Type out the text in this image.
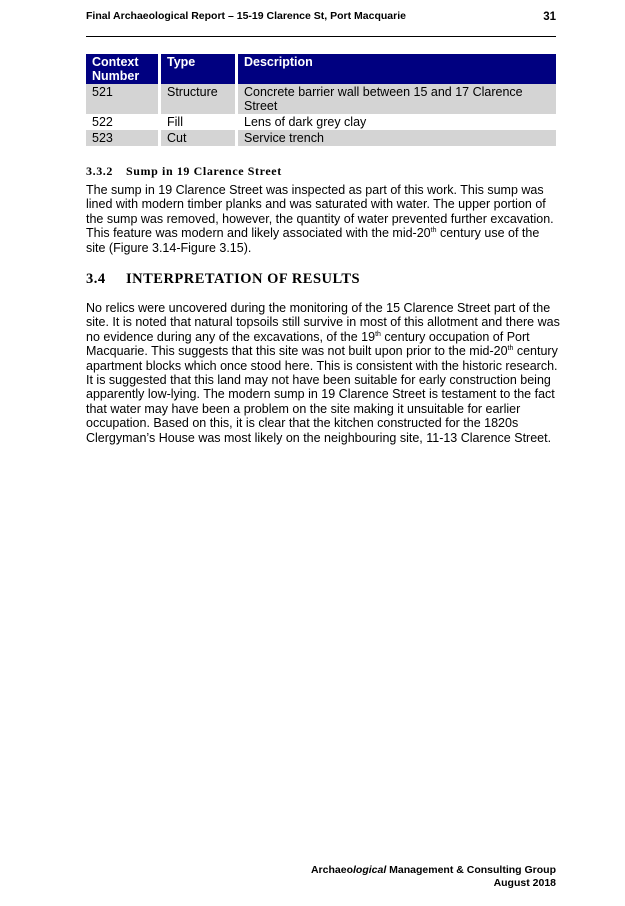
Final Archaeological Report – 15-19 Clarence St, Port Macquarie	31
Context Number	Type	Description
521	Structure	Concrete barrier wall between 15 and 17 Clarence Street
522	Fill	Lens of dark grey clay
523	Cut	Service trench
3.3.2 Sump in 19 Clarence Street
The sump in 19 Clarence Street was inspected as part of this work. This sump was lined with modern timber planks and was saturated with water. The upper portion of the sump was removed, however, the quantity of water prevented further excavation. This feature was modern and likely associated with the mid-20th century use of the site (Figure 3.14-Figure 3.15).
3.4 INTERPRETATION OF RESULTS
No relics were uncovered during the monitoring of the 15 Clarence Street part of the site. It is noted that natural topsoils still survive in most of this allotment and there was no evidence during any of the excavations, of the 19th century occupation of Port Macquarie. This suggests that this site was not built upon prior to the mid-20th century apartment blocks which once stood here. This is consistent with the historic research. It is suggested that this land may not have been suitable for early construction being apparently low-lying. The modern sump in 19 Clarence Street is testament to the fact that water may have been a problem on the site making it unsuitable for earlier occupation. Based on this, it is clear that the kitchen constructed for the 1820s Clergyman’s House was most likely on the neighbouring site, 11-13 Clarence Street.
Archaeological Management & Consulting Group
August 2018
